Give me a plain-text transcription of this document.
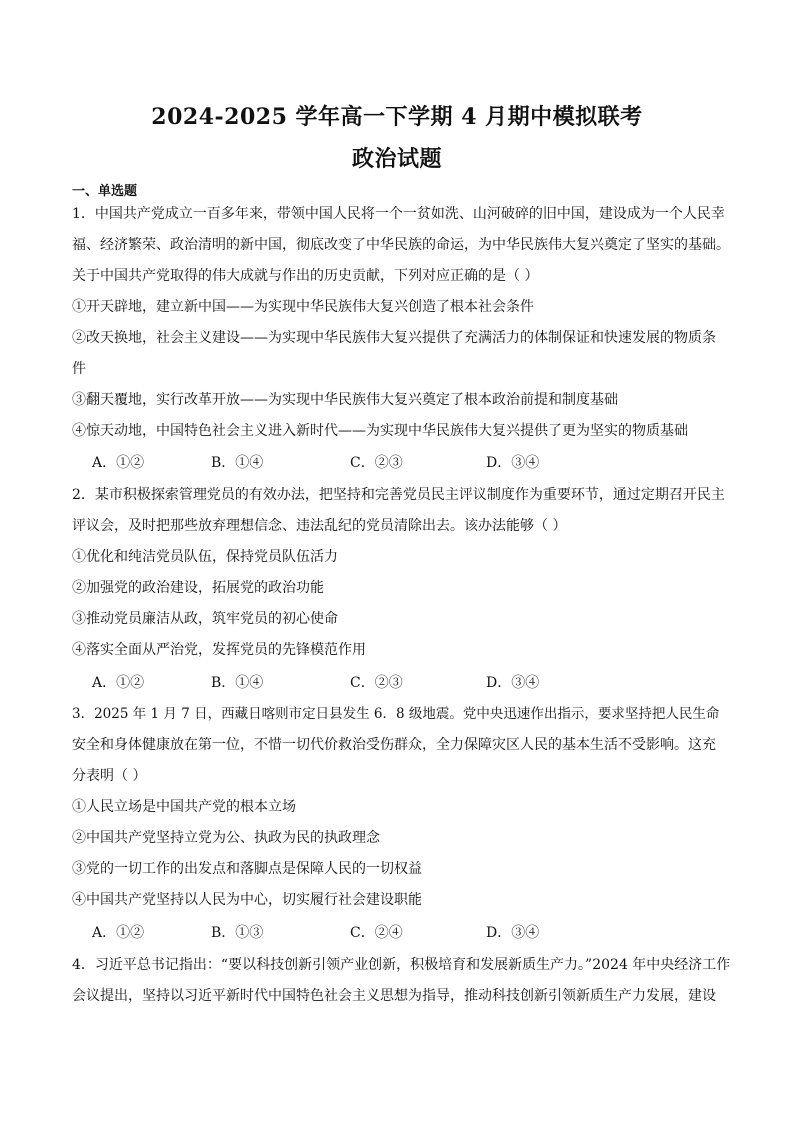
2024-2025 学年高一下学期 4 月期中模拟联考
政治试题
一、单选题
1．中国共产党成立一百多年来，带领中国人民将一个一贫如洗、山河破碎的旧中国，建设成为一个人民幸
福、经济繁荣、政治清明的新中国，彻底改变了中华民族的命运，为中华民族伟大复兴奠定了坚实的基础。
关于中国共产党取得的伟大成就与作出的历史贡献，下列对应正确的是（ ）
①开天辟地，建立新中国——为实现中华民族伟大复兴创造了根本社会条件
②改天换地，社会主义建设——为实现中华民族伟大复兴提供了充满活力的体制保证和快速发展的物质条
件
③翻天覆地，实行改革开放——为实现中华民族伟大复兴奠定了根本政治前提和制度基础
④惊天动地，中国特色社会主义进入新时代——为实现中华民族伟大复兴提供了更为坚实的物质基础
A．①②	B．①④	C．②③	D．③④
2．某市积极探索管理党员的有效办法，把坚持和完善党员民主评议制度作为重要环节，通过定期召开民主
评议会，及时把那些放弃理想信念、违法乱纪的党员清除出去。该办法能够（ ）
①优化和纯洁党员队伍，保持党员队伍活力
②加强党的政治建设，拓展党的政治功能
③推动党员廉洁从政，筑牢党员的初心使命
④落实全面从严治党，发挥党员的先锋模范作用
A．①②	B．①④	C．②③	D．③④
3．2025 年 1 月 7 日，西藏日喀则市定日县发生 6．8 级地震。党中央迅速作出指示，要求坚持把人民生命
安全和身体健康放在第一位，不惜一切代价救治受伤群众，全力保障灾区人民的基本生活不受影响。这充
分表明（ ）
①人民立场是中国共产党的根本立场
②中国共产党坚持立党为公、执政为民的执政理念
③党的一切工作的出发点和落脚点是保障人民的一切权益
④中国共产党坚持以人民为中心，切实履行社会建设职能
A．①②	B．①③	C．②④	D．③④
4．习近平总书记指出：“要以科技创新引领产业创新，积极培育和发展新质生产力。”2024 年中央经济工作
会议提出，坚持以习近平新时代中国特色社会主义思想为指导，推动科技创新引领新质生产力发展，建设
